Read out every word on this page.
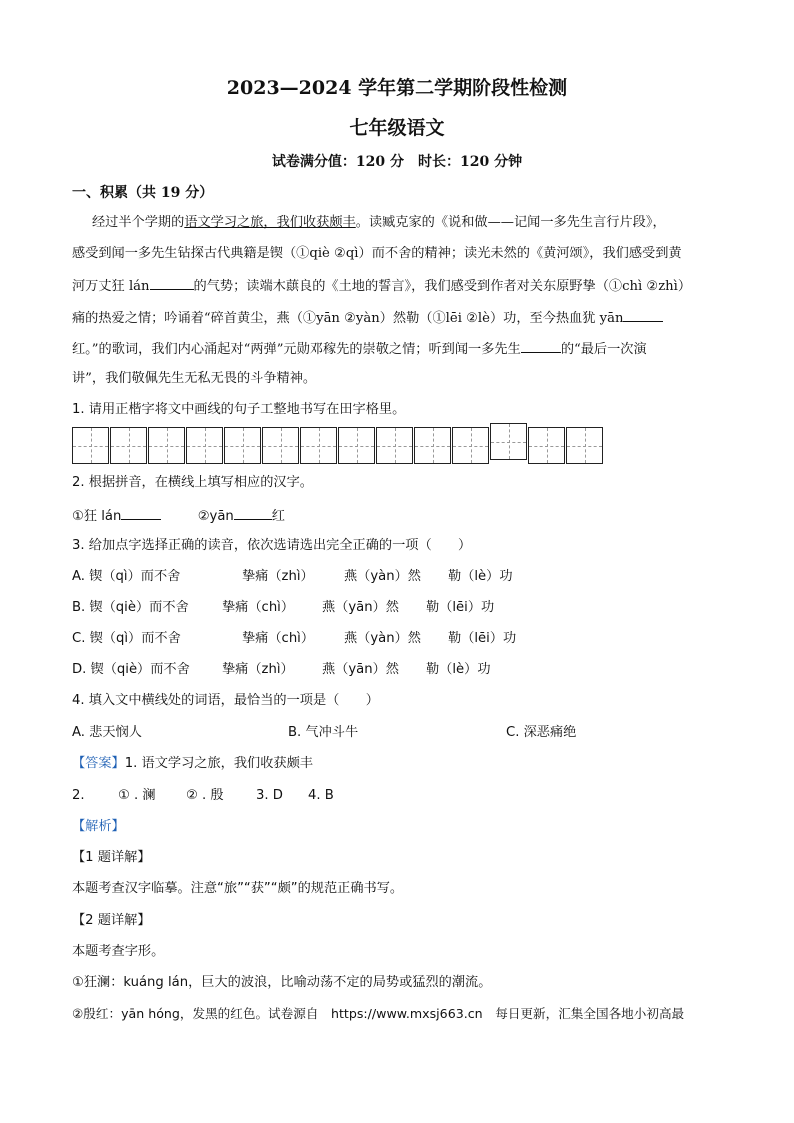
2023—2024 学年第二学期阶段性检测
七年级语文
试卷满分值：120 分　时长：120 分钟
一、积累（共 19 分）
经过半个学期的语文学习之旅，我们收获颇丰。读臧克家的《说和做——记闻一多先生言行片段》，
感受到闻一多先生钻探古代典籍是锲（①qiè ②qì）而不舍的精神；读光未然的《黄河颂》，我们感受到黄
河万丈狂 lán	的气势；读端木蕻良的《土地的誓言》，我们感受到作者对关东原野挚（①chì ②zhì）
痛的热爱之情；吟诵着“碎首黄尘，燕（①yān ②yàn）然勒（①lēi ②lè）功，至今热血犹 yān
红。”的歌词，我们内心涌起对“两弹”元勋邓稼先的崇敬之情；听到闻一多先生	的“最后一次演
讲”，我们敬佩先生无私无畏的斗争精神。
1. 请用正楷字将文中画线的句子工整地书写在田字格里。
2. 根据拼音，在横线上填写相应的汉字。
①狂 lán	②yān	红
3. 给加点字选择正确的读音，依次选请选出完全正确的一项（　　）
A. 锲（qì）而不舍	挚痛（zhì） 燕（yàn）然 勒（lè）功
B. 锲（qiè）而不舍	挚痛（chì） 燕（yān）然 勒（lēi）功
C. 锲（qì）而不舍	挚痛（chì） 燕（yàn）然 勒（lēi）功
D. 锲（qiè）而不舍 挚痛（zhì） 燕（yān）然 勒（lè）功
4. 填入文中横线处的词语，最恰当的一项是（　　）
A. 悲天悯人	B. 气冲斗牛	C. 深恶痛绝
【答案】1. 语文学习之旅，我们收获颇丰
2.	① . 澜 ② . 殷 3. D 4. B
【解析】
【1 题详解】
本题考查汉字临摹。注意“旅”“获”“颇”的规范正确书写。
【2 题详解】
本题考查字形。
①狂澜：kuáng lán，巨大的波浪，比喻动荡不定的局势或猛烈的潮流。
②殷红：yān hóng，发黑的红色。试卷源自　https://www.mxsj663.cn　每日更新，汇集全国各地小初高最
